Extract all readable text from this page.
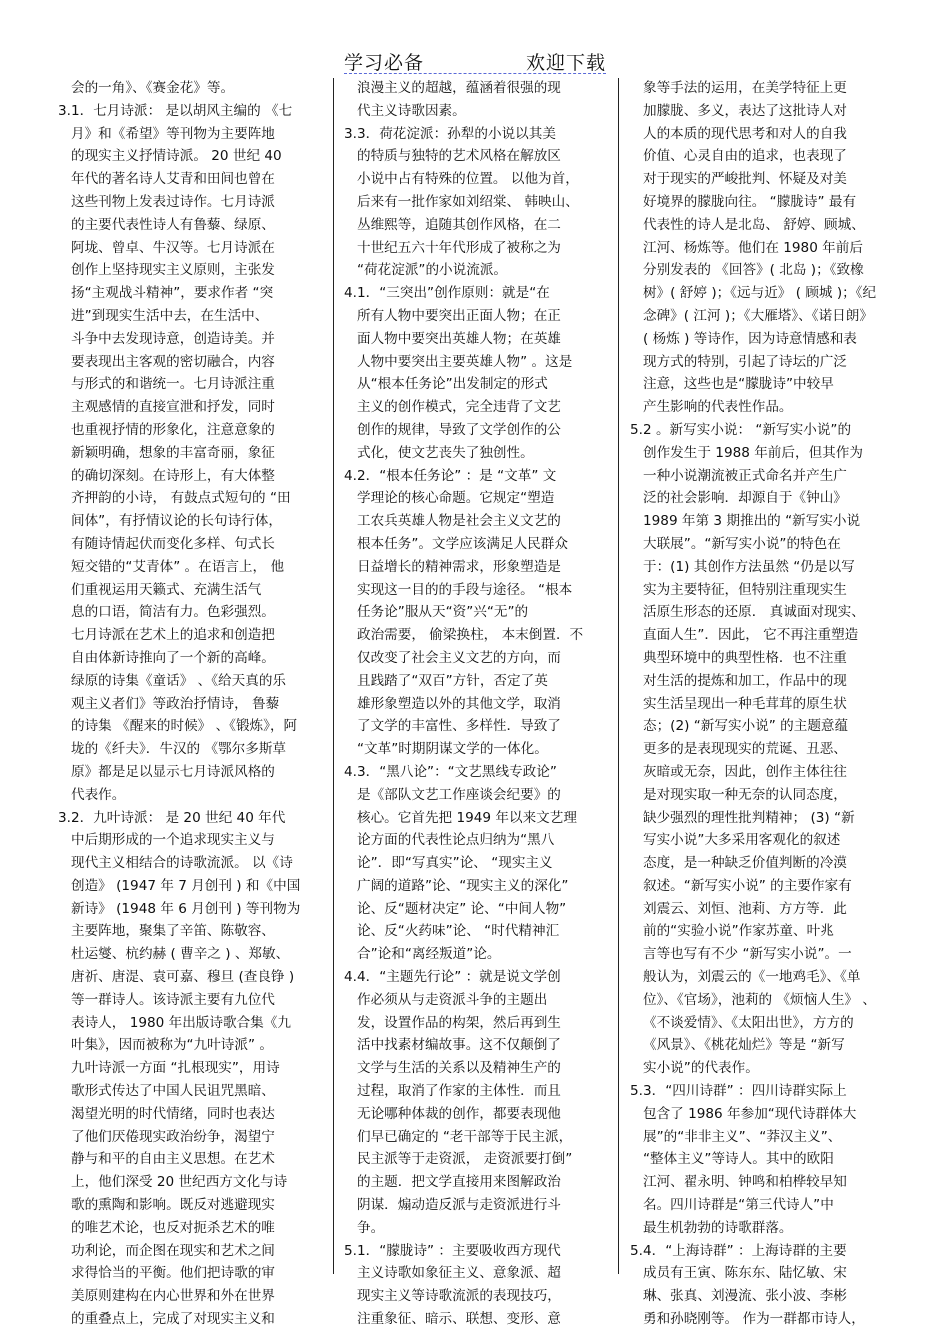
学习必备	欢迎下载
会的一角》、《赛金花》等。
3.1．七月诗派： 是以胡风主编的 《七
月》和《希望》等刊物为主要阵地
的现实主义抒情诗派。 20 世纪 40
年代的著名诗人艾青和田间也曾在
这些刊物上发表过诗作。七月诗派
的主要代表性诗人有鲁藜、绿原、
阿垅、曾卓、牛汉等。七月诗派在
创作上坚持现实主义原则，主张发
扬“主观战斗精神”，要求作者 “突
进”到现实生活中去，在生活中、
斗争中去发现诗意，创造诗美。并
要表现出主客观的密切融合，内容
与形式的和谐统一。七月诗派注重
主观感情的直接宣泄和抒发，同时
也重视抒情的形象化，注意意象的
新颖明确，想象的丰富奇丽，象征
的确切深刻。在诗形上，有大体整
齐押韵的小诗， 有鼓点式短句的 “田
间体”，有抒情议论的长句诗行体，
有随诗情起伏而变化多样、句式长
短交错的“艾青体” 。在语言上， 他
们重视运用天籁式、充满生活气
息的口语，简洁有力。色彩强烈。
七月诗派在艺术上的追求和创造把
自由体新诗推向了一个新的高峰。
绿原的诗集《童话》 、《给天真的乐
观主义者们》等政治抒情诗， 鲁藜
的诗集 《醒来的时候》 、《锻炼》，阿
垅的《纤夫》．牛汉的 《鄂尔多斯草
原》都是足以显示七月诗派风格的
代表作。
3.2．九叶诗派： 是 20 世纪 40 年代
中后期形成的一个追求现实主义与
现代主义相结合的诗歌流派。 以《诗
创造》 (1947 年 7 月创刊 ) 和《中国
新诗》 (1948 年 6 月创刊 ) 等刊物为
主要阵地，聚集了辛笛、陈敬容、
杜运燮、杭约赫 ( 曹辛之 ) 、郑敏、
唐祈、唐湜、袁可嘉、穆旦 (查良铮 )
等一群诗人。该诗派主要有九位代
表诗人， 1980 年出版诗歌合集《九
叶集》，因而被称为“九叶诗派” 。
九叶诗派一方面 “扎根现实”，用诗
歌形式传达了中国人民诅咒黑暗、
渴望光明的时代情绪，同时也表达
了他们厌倦现实政治纷争，渴望宁
静与和平的自由主义思想。在艺术
上，他们深受 20 世纪西方文化与诗
歌的熏陶和影响。既反对逃避现实
的唯艺术论，也反对扼杀艺术的唯
功利论，而企图在现实和艺术之间
求得恰当的平衡。他们把诗歌的审
美原则建构在内心世界和外在世界
的重叠点上，完成了对现实主义和
浪漫主义的超越，蕴涵着很强的现
代主义诗歌因素。
3.3．荷花淀派：孙犁的小说以其美
的特质与独特的艺术风格在解放区
小说中占有特殊的位置。 以他为首，
后来有一批作家如刘绍棠、 韩映山、
丛维熙等，追随其创作风格，在二
十世纪五六十年代形成了被称之为
“荷花淀派”的小说流派。
4.1．“三突出”创作原则：就是“在
所有人物中要突出正面人物；在正
面人物中要突出英雄人物；在英雄
人物中要突出主要英雄人物” 。这是
从“根本任务论”出发制定的形式
主义的创作模式，完全违背了文艺
创作的规律，导致了文学创作的公
式化，使文艺丧失了独创性。
4.2．“根本任务论” ：是 “文革” 文
学理论的核心命题。它规定“塑造
工农兵英雄人物是社会主义文艺的
根本任务”。文学应该满足人民群众
日益增长的精神需求，形象塑造是
实现这一目的的手段与途径。 “根本
任务论”服从天“资”兴“无”的
政治需要， 偷梁换柱， 本末倒置．不
仅改变了社会主义文艺的方向，而
且践踏了“双百”方针，否定了英
雄形象塑造以外的其他文学，取消
了文学的丰富性、多样性．导致了
“文革”时期阴谋文学的一体化。
4.3．“黑八论”：“文艺黑线专政论”
是《部队文艺工作座谈会纪要》的
核心。它首先把 1949 年以来文艺理
论方面的代表性论点归纳为“黑八
论”．即“写真实”论、 “现实主义
广阔的道路”论、“现实主义的深化”
论、反“题材决定” 论、“中间人物”
论、反“火药味”论、 “时代精神汇
合”论和“离经叛道”论。
4.4．“主题先行论” ：就是说文学创
作必须从与走资派斗争的主题出
发，设置作品的构架，然后再到生
活中找素材编故事。这不仅颠倒了
文学与生活的关系以及精神生产的
过程，取消了作家的主体性．而且
无论哪种体裁的创作，都要表现他
们早已确定的 “老干部等于民主派，
民主派等于走资派， 走资派要打倒”
的主题．把文学直接用来图解政治
阴谋．煽动造反派与走资派进行斗
争。
5.1．“朦胧诗” ：主要吸收西方现代
主义诗歌如象征主义、意象派、超
现实主义等诗歌流派的表现技巧，
注重象征、暗示、联想、变形、意
象等手法的运用，在美学特征上更
加朦胧、多义，表达了这批诗人对
人的本质的现代思考和对人的自我
价值、心灵自由的追求，也表现了
对于现实的严峻批判、怀疑及对美
好境界的朦胧向往。 “朦胧诗” 最有
代表性的诗人是北岛、 舒婷、顾城、
江河、杨炼等。他们在 1980 年前后
分别发表的 《回答》( 北岛 )；《致橡
树》( 舒婷 )；《远与近》 ( 顾城 )；《纪
念碑》( 江河 )；《大雁塔》、《诺日朗》
( 杨炼 ) 等诗作，因为诗意情感和表
现方式的特别，引起了诗坛的广泛
注意，这些也是“朦胧诗”中较早
产生影响的代表性作品。
5.2 。新写实小说： “新写实小说”的
创作发生于 1988 年前后，但其作为
一种小说潮流被正式命名并产生广
泛的社会影响．却源自于《钟山》
1989 年第 3 期推出的 “新写实小说
大联展”。“新写实小说”的特色在
于：(1) 其创作方法虽然 “仍是以写
实为主要特征，但特别注重现实生
活原生形态的还原． 真诚面对现实、
直面人生”．因此， 它不再注重塑造
典型环境中的典型性格．也不注重
对生活的提炼和加工，作品中的现
实生活呈现出一种毛茸茸的原生状
态；(2) “新写实小说” 的主题意蕴
更多的是表现现实的荒诞、丑恶、
灰暗或无奈，因此，创作主体往往
是对现实取一种无奈的认同态度，
缺少强烈的理性批判精神； (3) “新
写实小说”大多采用客观化的叙述
态度，是一种缺乏价值判断的冷漠
叙述。“新写实小说” 的主要作家有
刘震云、刘恒、池莉、方方等．此
前的“实验小说”作家苏童、叶兆
言等也写有不少 “新写实小说”。一
般认为，刘震云的《一地鸡毛》、《单
位》、《官场》，池莉的 《烦恼人生》 、
《不谈爱情》、《太阳出世》，方方的
《风景》、《桃花灿烂》等是 “新写
实小说”的代表作。
5.3．“四川诗群” ：四川诗群实际上
包含了 1986 年参加“现代诗群体大
展”的“非非主义”、“莽汉主义”、
“整体主义”等诗人。其中的欧阳
江河、翟永明、钟鸣和柏桦较早知
名。四川诗群是“第三代诗人”中
最生机勃勃的诗歌群落。
5.4．“上海诗群” ：上海诗群的主要
成员有王寅、陈东东、陆忆敏、宋
琳、张真、刘漫流、张小波、李彬
勇和孙晓刚等。 作为一群都市诗人，
